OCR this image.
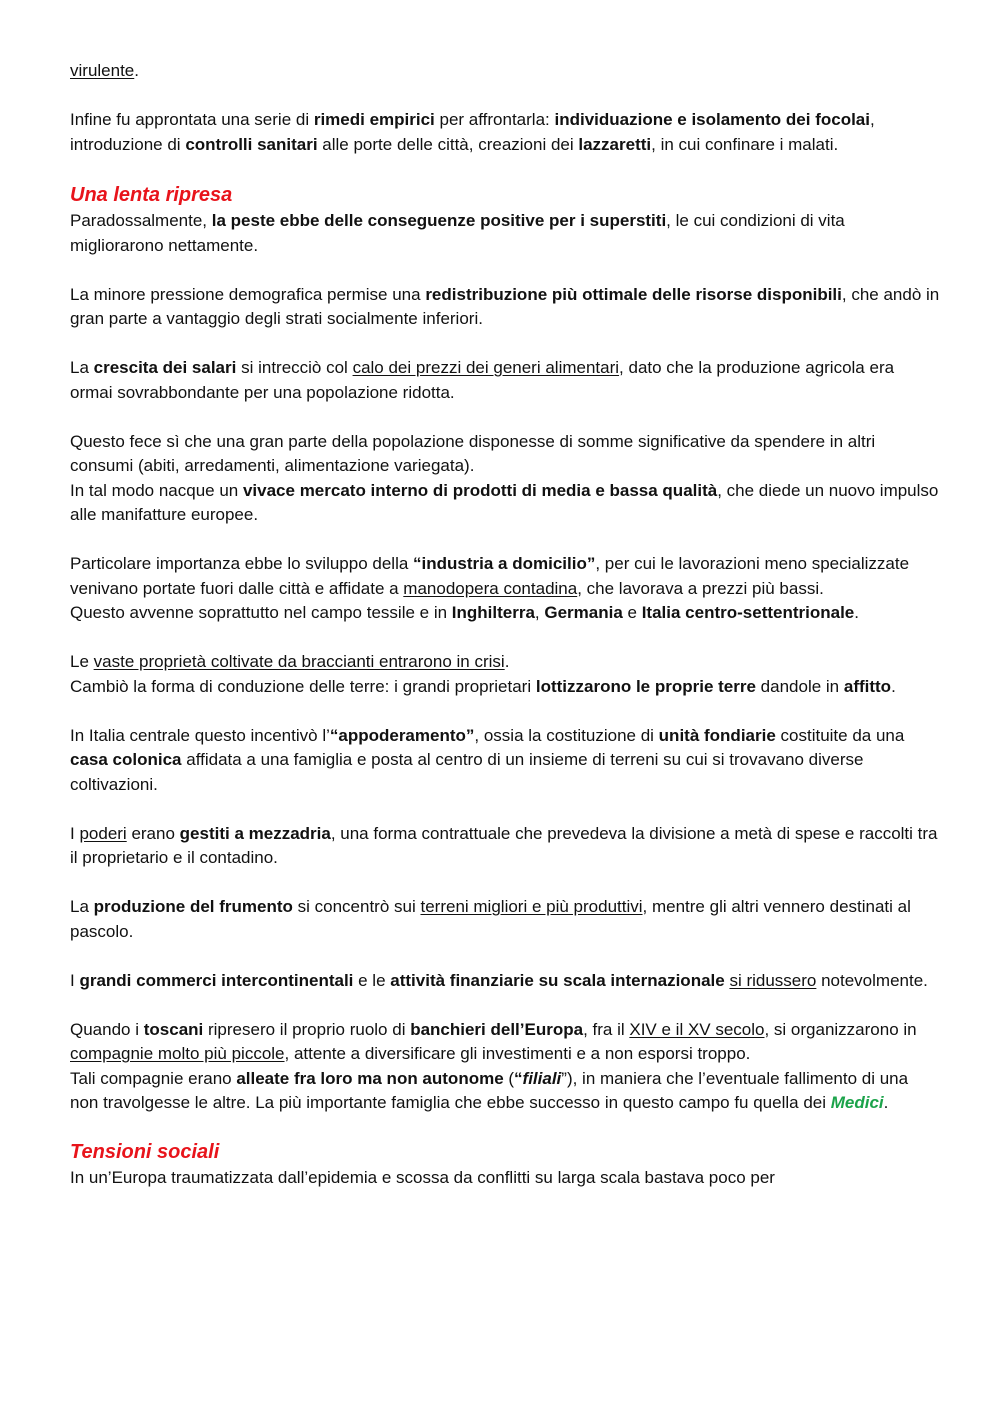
virulente.

Infine fu approntata una serie di rimedi empirici per affrontarla: individuazione e isolamento dei focolai, introduzione di controlli sanitari alle porte delle città, creazioni dei lazzaretti, in cui confinare i malati.

Una lenta ripresa

Paradossalmente, la peste ebbe delle conseguenze positive per i superstiti, le cui condizioni di vita migliorarono nettamente.

La minore pressione demografica permise una redistribuzione più ottimale delle risorse disponibili, che andò in gran parte a vantaggio degli strati socialmente inferiori.

La crescita dei salari si intrecciò col calo dei prezzi dei generi alimentari, dato che la produzione agricola era ormai sovrabbondante per una popolazione ridotta.

Questo fece sì che una gran parte della popolazione disponesse di somme significative da spendere in altri consumi (abiti, arredamenti, alimentazione variegata).

In tal modo nacque un vivace mercato interno di prodotti di media e bassa qualità, che diede un nuovo impulso alle manifatture europee.

Particolare importanza ebbe lo sviluppo della “industria a domicilio”, per cui le lavorazioni meno specializzate venivano portate fuori dalle città e affidate a manodopera contadina, che lavorava a prezzi più bassi.

Questo avvenne soprattutto nel campo tessile e in Inghilterra, Germania e Italia centro-settentrionale.

Le vaste proprietà coltivate da braccianti entrarono in crisi.

Cambiò la forma di conduzione delle terre: i grandi proprietari lottizzarono le proprie terre dandole in affitto.

In Italia centrale questo incentivò l’“appoderamento”, ossia la costituzione di unità fondiarie costituite da una casa colonica affidata a una famiglia e posta al centro di un insieme di terreni su cui si trovavano diverse coltivazioni.

I poderi erano gestiti a mezzadria, una forma contrattuale che prevedeva la divisione a metà di spese e raccolti tra il proprietario e il contadino.

La produzione del frumento si concentrò sui terreni migliori e più produttivi, mentre gli altri vennero destinati al pascolo.

I grandi commerci intercontinentali e le attività finanziarie su scala internazionale si ridussero notevolmente.

Quando i toscani ripresero il proprio ruolo di banchieri dell’Europa, fra il XIV e il XV secolo, si organizzarono in compagnie molto più piccole, attente a diversificare gli investimenti e a non esporsi troppo.

Tali compagnie erano alleate fra loro ma non autonome (“filiali”), in maniera che l’eventuale fallimento di una non travolgesse le altre. La più importante famiglia che ebbe successo in questo campo fu quella dei Medici.

Tensioni sociali

In un’Europa traumatizzata dall’epidemia e scossa da conflitti su larga scala bastava poco per
